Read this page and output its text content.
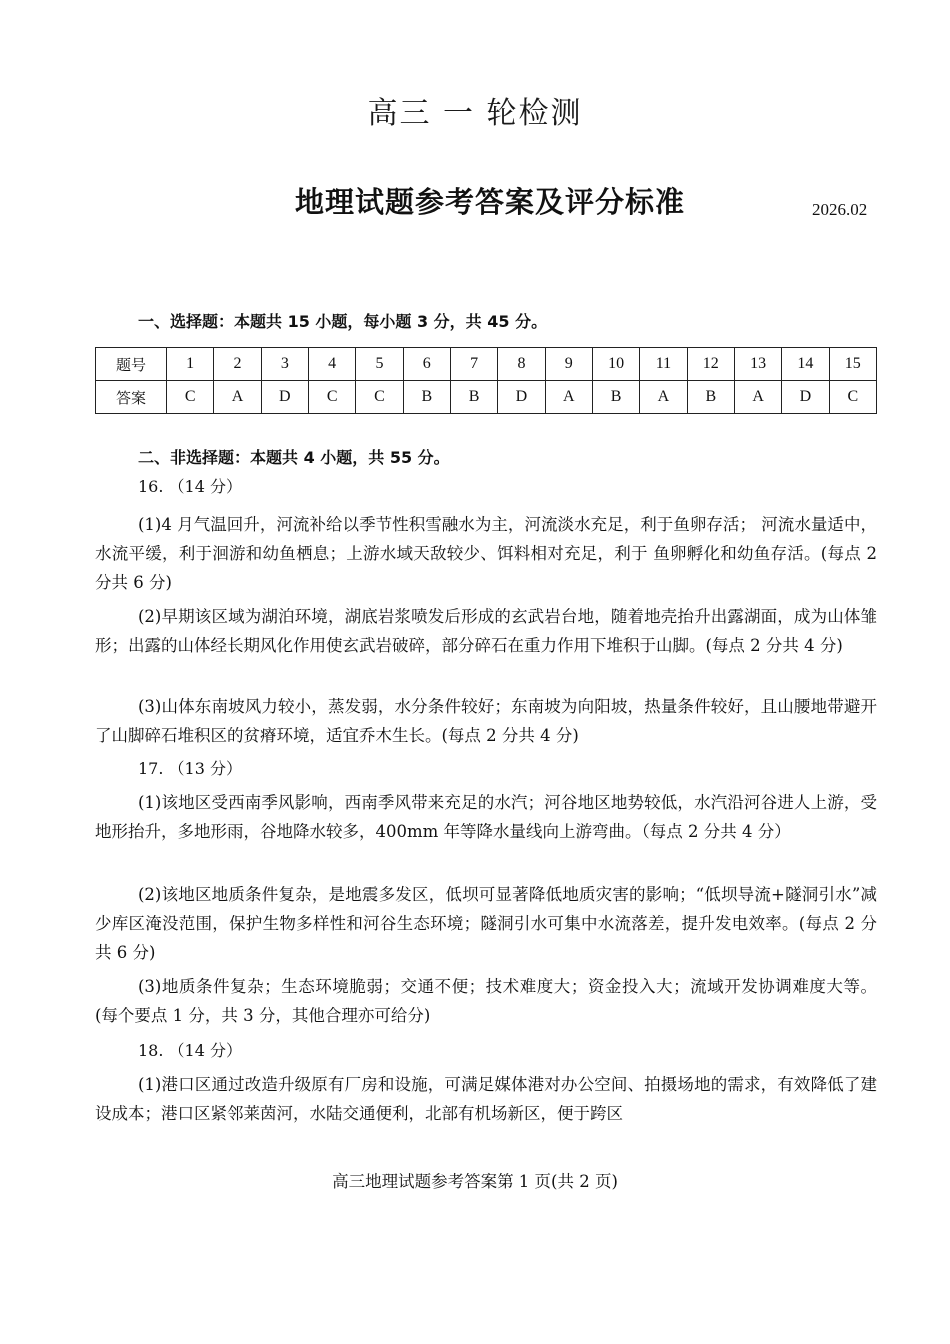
高三 一 轮检测
地理试题参考答案及评分标准	2026.02
一、选择题：本题共 15 小题，每小题 3 分，共 45 分。
题号	1	2	3	4	5	6	7	8	9	10	11	12	13	14	15
答案	C	A	D	C	C	B	B	D	A	B	A	B	A	D	C
二、非选择题：本题共 4 小题，共 55 分。
16. （14 分）
(1)4 月气温回升，河流补给以季节性积雪融水为主，河流淡水充足，利于鱼卵存活； 河流水量适中，水流平缓，利于洄游和幼鱼栖息；上游水域天敌较少、饵料相对充足，利于 鱼卵孵化和幼鱼存活。(每点 2 分共 6 分)
(2)早期该区域为湖泊环境，湖底岩浆喷发后形成的玄武岩台地，随着地壳抬升出露湖面，成为山体雏形；出露的山体经长期风化作用使玄武岩破碎，部分碎石在重力作用下堆积于山脚。(每点 2 分共 4 分)
(3)山体东南坡风力较小，蒸发弱，水分条件较好；东南坡为向阳坡，热量条件较好，且山腰地带避开了山脚碎石堆积区的贫瘠环境，适宜乔木生长。(每点 2 分共 4 分)
17. （13 分）
(1)该地区受西南季风影响，西南季风带来充足的水汽；河谷地区地势较低，水汽沿河谷进人上游，受地形抬升，多地形雨，谷地降水较多，400mm 年等降水量线向上游弯曲。（每点 2 分共 4 分）
(2)该地区地质条件复杂，是地震多发区，低坝可显著降低地质灾害的影响；“低坝导流+隧洞引水”减少库区淹没范围，保护生物多样性和河谷生态环境；隧洞引水可集中水流落差，提升发电效率。(每点 2 分共 6 分)
(3)地质条件复杂；生态环境脆弱；交通不便；技术难度大；资金投入大；流域开发协调难度大等。(每个要点 1 分，共 3 分，其他合理亦可给分)
18. （14 分）
(1)港口区通过改造升级原有厂房和设施，可满足媒体港对办公空间、拍摄场地的需求，有效降低了建设成本；港口区紧邻莱茵河，水陆交通便利，北部有机场新区，便于跨区
高三地理试题参考答案第 1 页(共 2 页)
